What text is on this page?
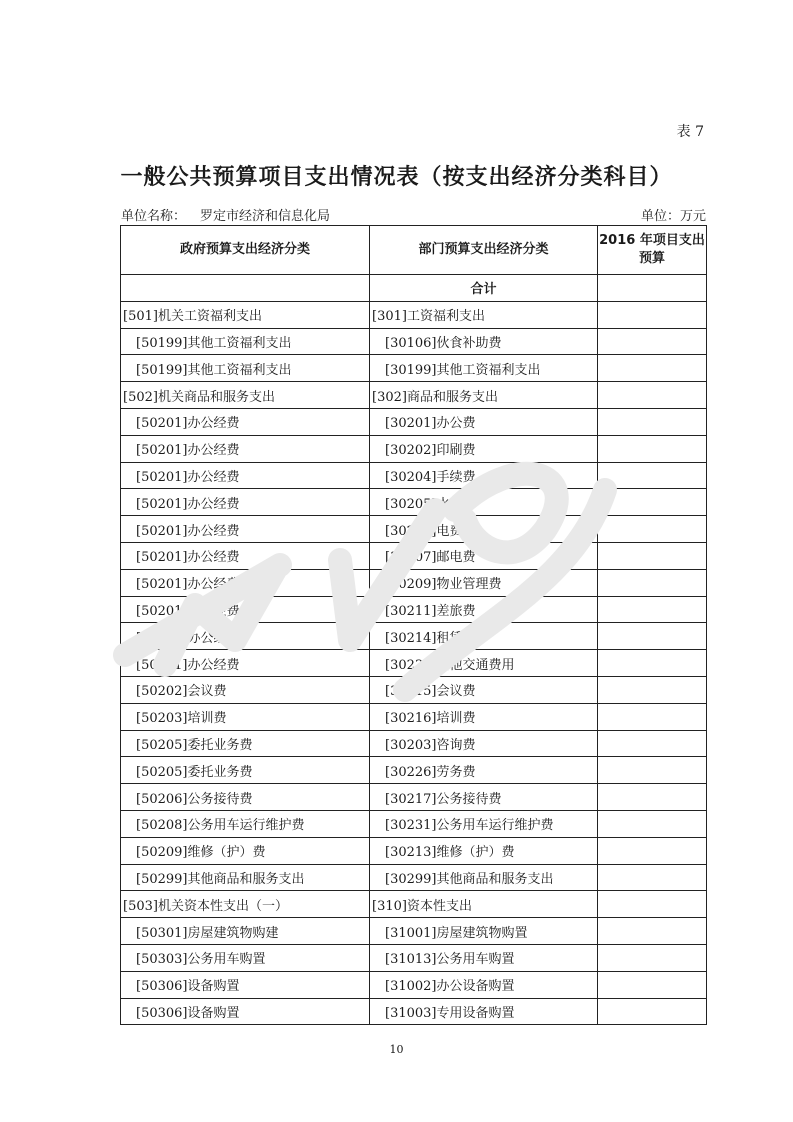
表 7
一般公共预算项目支出情况表（按支出经济分类科目）
单位名称： 罗定市经济和信息化局	单位：万元
政府预算支出经济分类	部门预算支出经济分类	2016 年项目支出预算
	合计	
[501]机关工资福利支出	[301]工资福利支出	
[50199]其他工资福利支出	[30106]伙食补助费	
[50199]其他工资福利支出	[30199]其他工资福利支出	
[502]机关商品和服务支出	[302]商品和服务支出	
[50201]办公经费	[30201]办公费	
[50201]办公经费	[30202]印刷费	
[50201]办公经费	[30204]手续费	
[50201]办公经费	[30205]水费	
[50201]办公经费	[30206]电费	
[50201]办公经费	[30207]邮电费	
[50201]办公经费	[30209]物业管理费	
[50201]办公经费	[30211]差旅费	
[50201]办公经费	[30214]租赁费	
[50201]办公经费	[30239]其他交通费用	
[50202]会议费	[30215]会议费	
[50203]培训费	[30216]培训费	
[50205]委托业务费	[30203]咨询费	
[50205]委托业务费	[30226]劳务费	
[50206]公务接待费	[30217]公务接待费	
[50208]公务用车运行维护费	[30231]公务用车运行维护费	
[50209]维修（护）费	[30213]维修（护）费	
[50299]其他商品和服务支出	[30299]其他商品和服务支出	
[503]机关资本性支出（一）	[310]资本性支出	
[50301]房屋建筑物购建	[31001]房屋建筑物购置	
[50303]公务用车购置	[31013]公务用车购置	
[50306]设备购置	[31002]办公设备购置	
[50306]设备购置	[31003]专用设备购置	
10
